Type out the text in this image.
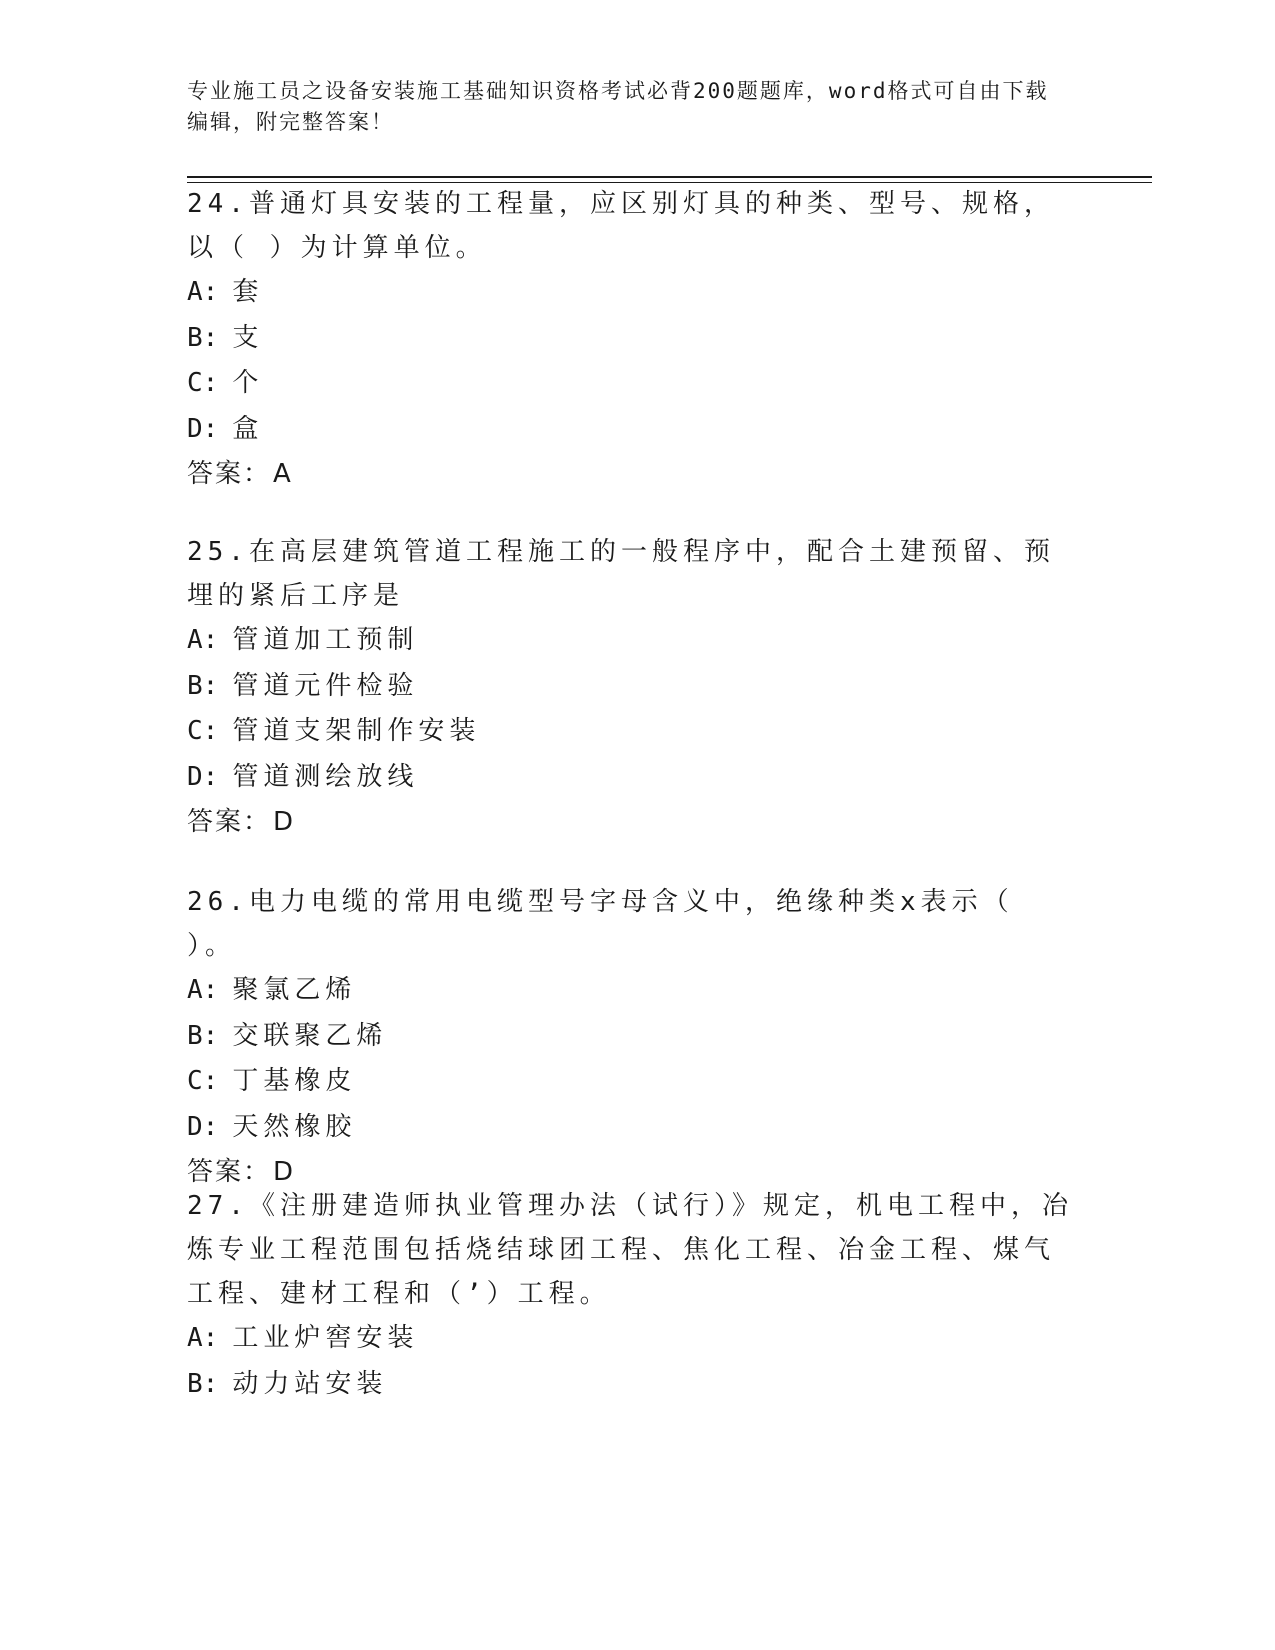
专业施工员之设备安装施工基础知识资格考试必背200题题库，word格式可自由下载编辑，附完整答案！

24.普通灯具安装的工程量，应区别灯具的种类、型号、规格，以（ ）为计算单位。

A: 套
B: 支
C: 个
D: 盒
答案：A

25.在高层建筑管道工程施工的一般程序中，配合土建预留、预埋的紧后工序是

A: 管道加工预制
B: 管道元件检验
C: 管道支架制作安装
D: 管道测绘放线
答案：D

26.电力电缆的常用电缆型号字母含义中，绝缘种类x表示（ ）。

A: 聚氯乙烯
B: 交联聚乙烯
C: 丁基橡皮
D: 天然橡胶
答案：D

27.《注册建造师执业管理办法（试行）》规定，机电工程中，冶炼专业工程范围包括烧结球团工程、焦化工程、冶金工程、煤气工程、建材工程和（’）工程。

A: 工业炉窖安装
B: 动力站安装
